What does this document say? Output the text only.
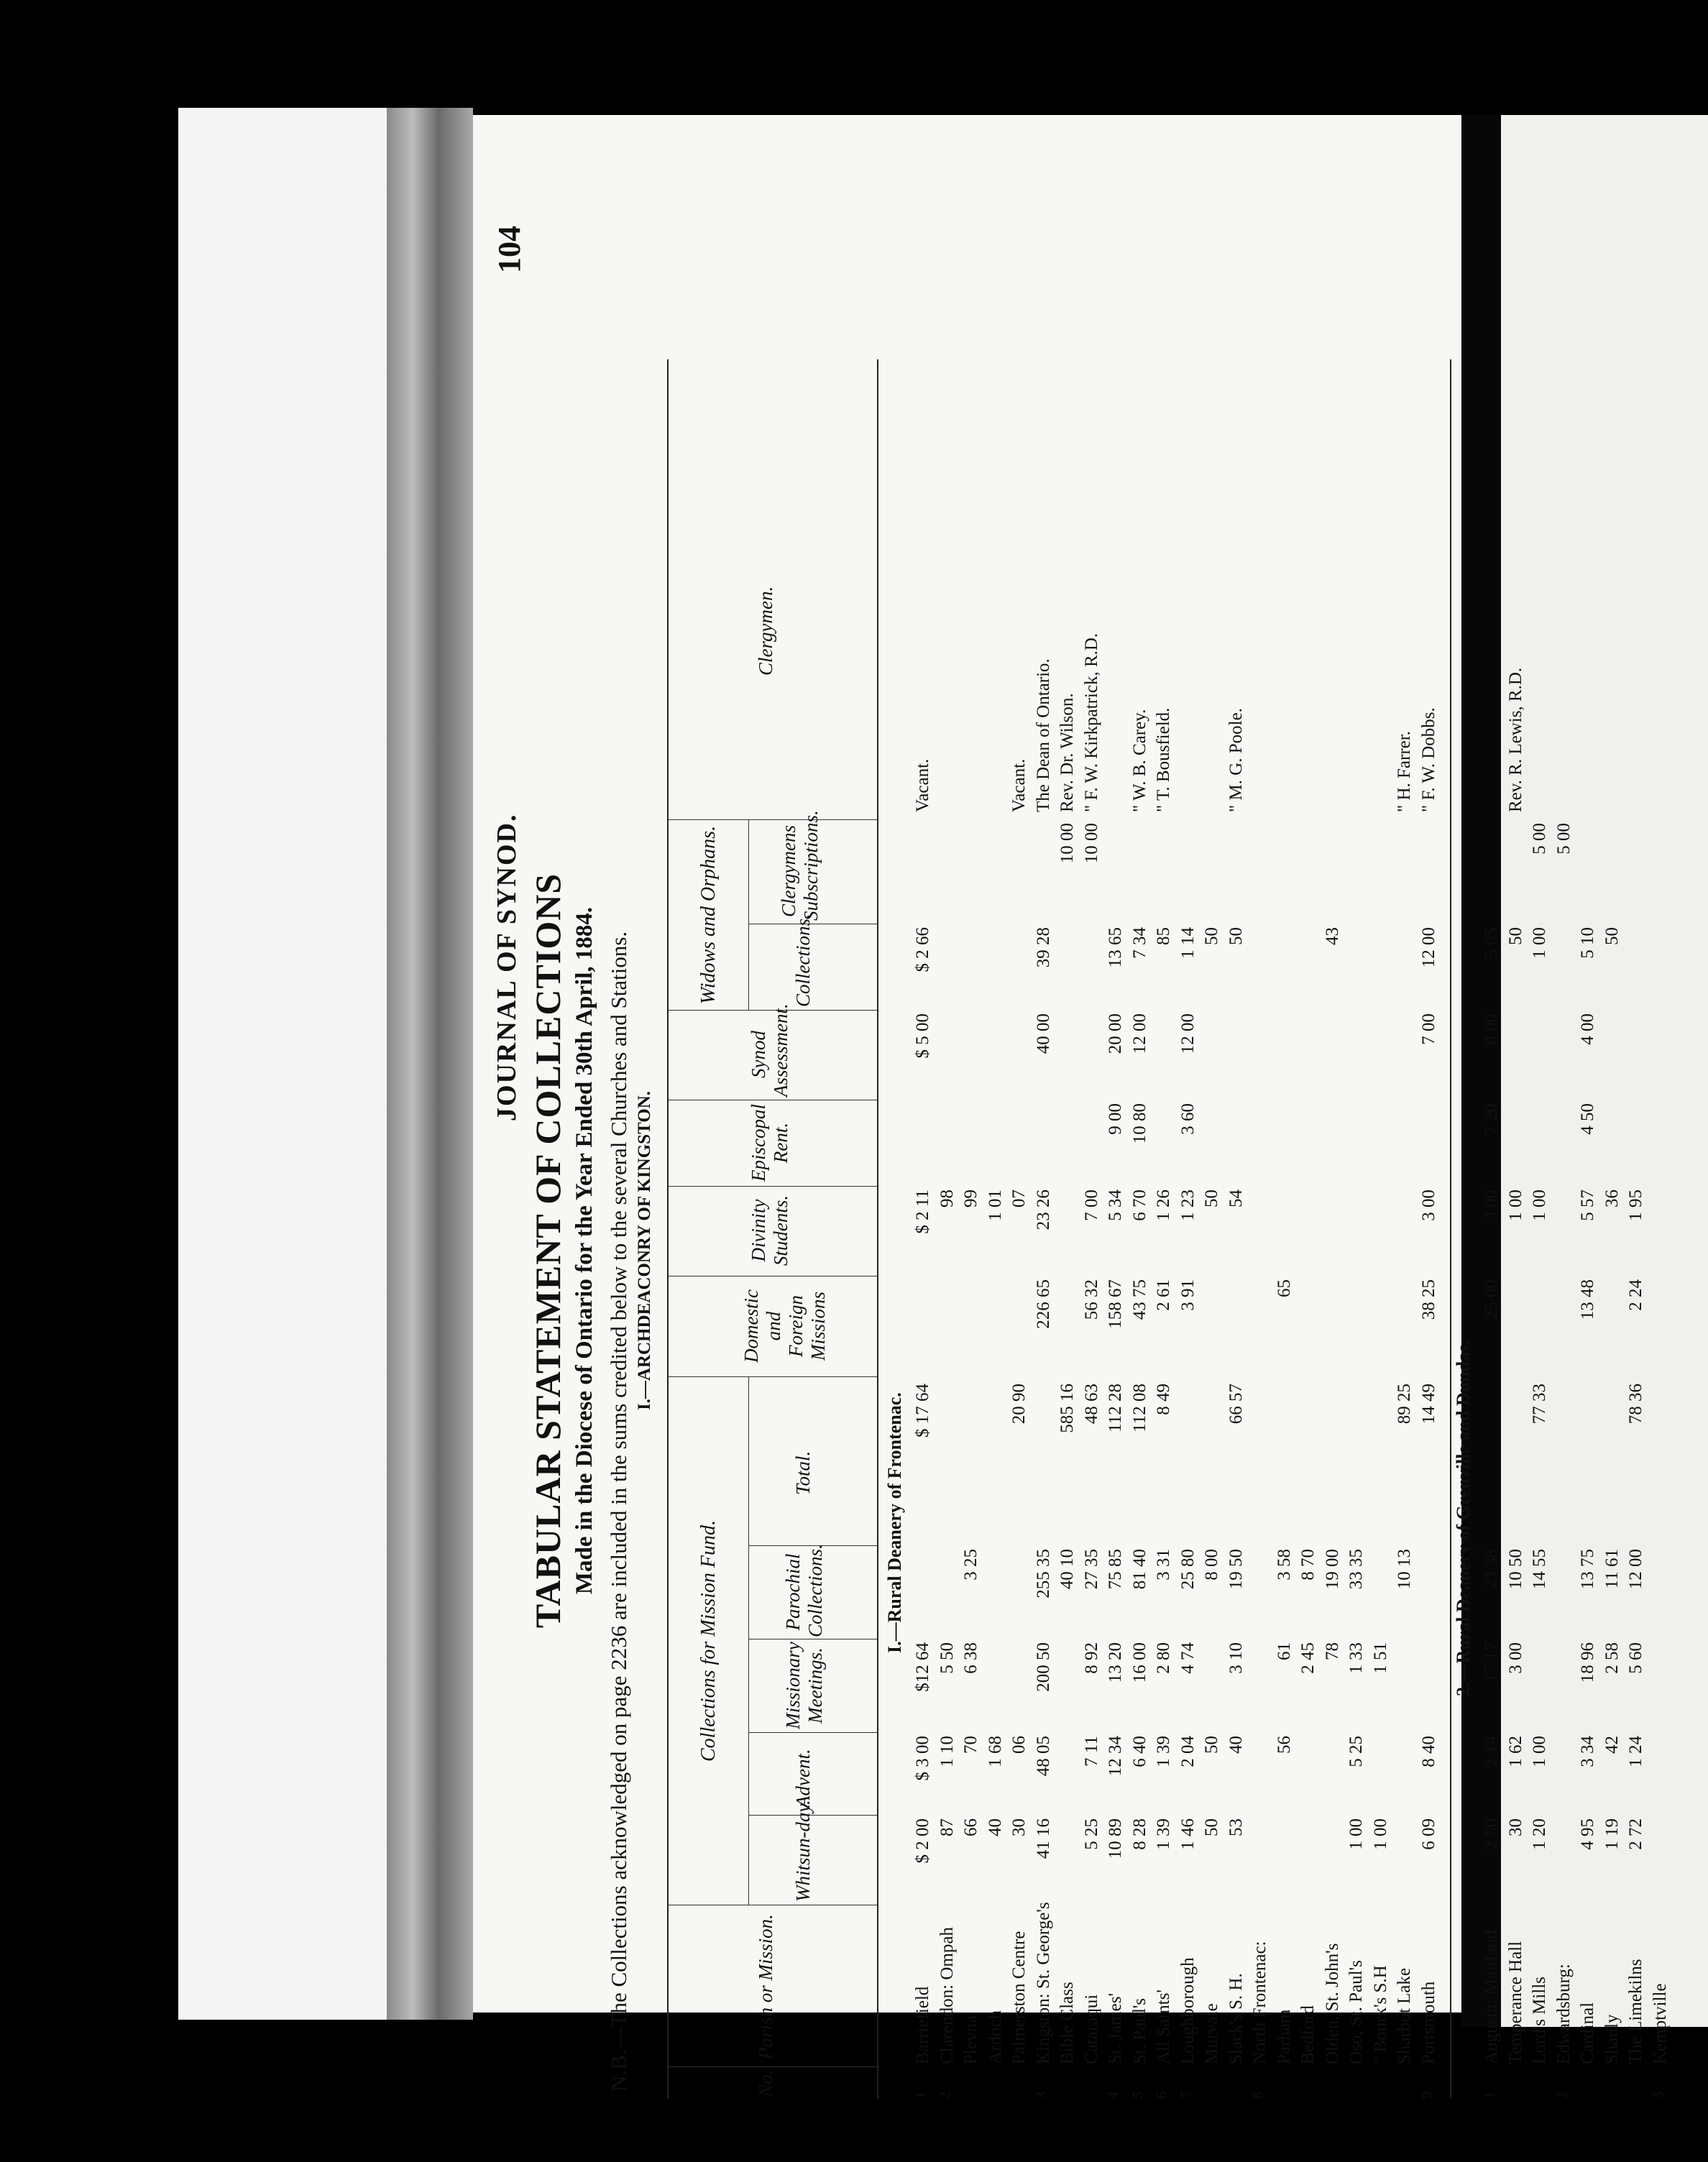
104
JOURNAL OF SYNOD. TABULAR STATEMENT OF COLLECTIONS Made in the Diocese of Ontario for the Year Ended 30th April, 1884. N.B.—The Collections acknowledged on page 2236 are included in the sums credited below to the several Churches and Stations. I.—ARCHDEACONRY OF KINGSTON.
No.
Parish or Mission.
Collections for Mission Fund.
Whitsun-day.
Advent.
Missionary Meetings.
Parochial Collections.
Total.
Domestic and Foreign Missions
Divinity Students.
Episcopal Rent.
Synod Assessment.
Widows and Orphans.	Collections.
Clergymens Subscriptions.
Clergymen.
I.—Rural Deanery of Frontenac.
1
Barriefield
$ 2 00
$ 3 00
$12 64
$ 17 64
$ 2 11
$ 5 00
$ 2 66
Vacant.
2
Clarendon: Ompah
87
1 10
5 50
98
Plevna
66
70
6 38
3 25
99
Ardoch
40
1 68
1 01
Palmerston Centre
30
06
20 90
07
Vacant.
3
Kingston: St. George's
41 16
48 05
200 50
255 35
226 65
23 26
40 00
39 28
The Dean of Ontario.
Bible Class
40 10
585 16
10 00
Rev. Dr. Wilson.
Cataraqui
5 25
7 11
8 92
27 35
48 63
56 32
7 00
10 00
" F. W. Kirkpatrick, R.D.
4
St. James'
10 89
12 34
13 20
75 85
112 28
158 67
5 34
9 00
20 00
13 65
5
St. Paul's
8 28
6 40
16 00
81 40
112 08
43 75
6 70
10 80
12 00
7 34
" W. B. Carey.
6
All Saints'
1 39
1 39
2 80
3 31
8 49
2 61
1 26
85
" T. Bousfield.
7
Loughborough
1 46
2 04
4 74
25 80
3 91
1 23
3 60
12 00
1 14
Murvale
50
50
8 00
50
50
Slack's S. H.
53
40
3 10
19 50
66 57
54
50
" M. G. Poole.
8
North Frontenac: Parham
56
61
3 58
65
Bedford
2 45
8 70
Olden, St. John's
78
19 00
43
Oso, St. Paul's
1 00
5 25
1 33
33 35
" Bourk's S.H
1 00
1 51
Sharbot Lake
10 13
89 25
" H. Farrer.
9
Portsmouth
6 09
8 40
14 49
38 25
3 00
7 00
12 00
" F. W. Dobbs.
2.—Rural Deanery of Grenville and Dundas.
1
Augusta: Maitland
2 50
2 14
17 17
23 35
25 00
3 00
7 20
8 00
5 65
Temperance Hall
30
1 62
3 00
10 50
1 00
50
Rev. R. Lewis, R.D.
Lord's Mills
1 20
1 00
14 55
77 33
1 00
1 00
5 00
2
Edwardsburg:
5 00
Cardinal
4 95
3 34
18 96
13 75
13 48
5 57
4 50
4 00
5 10
Shanly
1 19
42
2 58
11 61
36
50
The Limekilns
2 72
1 24
5 60
12 00
78 36
2 24
1 95
3
Kemptville
